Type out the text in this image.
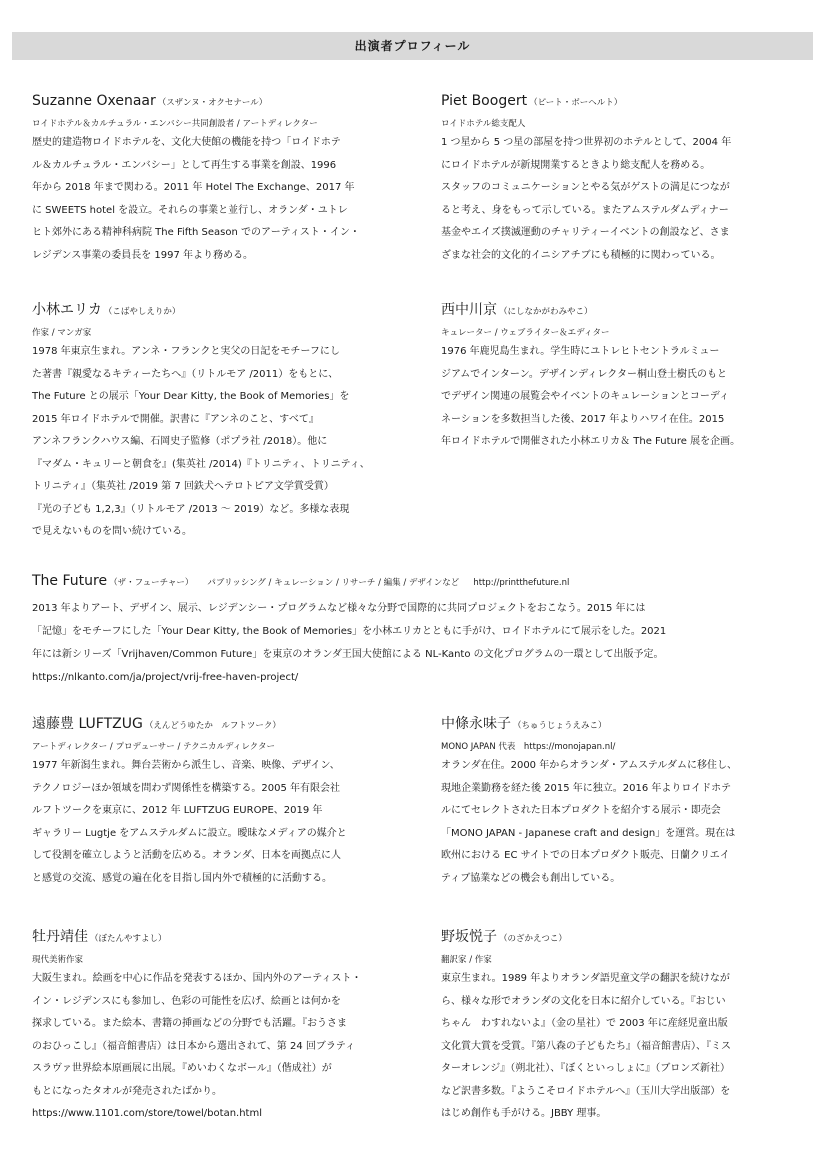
出演者プロフィール
Suzanne Oxenaar （スザンヌ・オクセナール）
ロイドホテル＆カルチュラル・エンバシー共同創設者 / アートディレクター
歴史的建造物ロイドホテルを、文化大使館の機能を持つ「ロイドホテ
ル＆カルチュラル・エンバシー」として再生する事業を創設、1996
年から 2018 年まで関わる。2011 年 Hotel The Exchange、2017 年
に SWEETS hotel を設立。それらの事業と並行し、オランダ・ユトレ
ヒト郊外にある精神科病院 The Fifth Season でのアーティスト・イン・
レジデンス事業の委員長を 1997 年より務める。
Piet Boogert （ピート・ボーヘルト）
ロイドホテル総支配人
1 つ星から 5 つ星の部屋を持つ世界初のホテルとして、2004 年
にロイドホテルが新規開業するときより総支配人を務める。
スタッフのコミュニケーションとやる気がゲストの満足につなが
ると考え、身をもって示している。またアムステルダムディナー
基金やエイズ撲滅運動のチャリティーイベントの創設など、さま
ざまな社会的文化的イニシアチブにも積極的に関わっている。
小林エリカ （こばやしえりか）
作家 / マンガ家
1978 年東京生まれ。アンネ・フランクと実父の日記をモチーフにし
た著書『親愛なるキティーたちへ』（リトルモア /2011）をもとに、
The Future との展示「Your Dear Kitty, the Book of Memories」を
2015 年ロイドホテルで開催。訳書に『アンネのこと、すべて』
アンネフランクハウス編、石岡史子監修（ポプラ社 /2018）。他に
『マダム・キュリーと朝食を』(集英社 /2014)『トリニティ、トリニティ、
トリニティ』（集英社 /2019 第 7 回鉄犬ヘテロトピア文学賞受賞）
『光の子ども 1,2,3』（リトルモア /2013 ～ 2019）など。多様な表現
で見えないものを問い続けている。
西中川京 （にしなかがわみやこ）
キュレーター / ウェブライター＆エディター
1976 年鹿児島生まれ。学生時にユトレヒトセントラルミュー
ジアムでインターン。デザインディレクター桐山登士樹氏のもと
でデザイン関連の展覧会やイベントのキュレーションとコーディ
ネーションを多数担当した後、2017 年よりハワイ在住。2015
年ロイドホテルで開催された小林エリカ＆ The Future 展を企画。
The Future （ザ・フューチャー） パブリッシング / キュレーション / リサーチ / 編集 / デザインなど http://printthefuture.nl
2013 年よりアート、デザイン、展示、レジデンシー・プログラムなど様々な分野で国際的に共同プロジェクトをおこなう。2015 年には
「記憶」をモチーフにした「Your Dear Kitty, the Book of Memories」を小林エリカとともに手がけ、ロイドホテルにて展示をした。2021
年には新シリーズ「Vrijhaven/Common Future」を東京のオランダ王国大使館による NL-Kanto の文化プログラムの一環として出版予定。
https://nlkanto.com/ja/project/vrij-free-haven-project/
遠藤豊 LUFTZUG （えんどうゆたか　ルフトツーク）
アートディレクター / プロデューサー / テクニカルディレクター
1977 年新潟生まれ。舞台芸術から派生し、音楽、映像、デザイン、
テクノロジーほか領域を問わず関係性を構築する。2005 年有限会社
ルフトツークを東京に、2012 年 LUFTZUG EUROPE、2019 年
ギャラリー Lugtje をアムステルダムに設立。曖昧なメディアの媒介と
して役割を確立しようと活動を広める。オランダ、日本を両拠点に人
と感覚の交流、感覚の遍在化を目指し国内外で積極的に活動する。
中條永味子 （ちゅうじょうえみこ）
MONO JAPAN 代表　https://monojapan.nl/
オランダ在住。2000 年からオランダ・アムステルダムに移住し、
現地企業勤務を経た後 2015 年に独立。2016 年よりロイドホテ
ルにてセレクトされた日本プロダクトを紹介する展示・即売会
「MONO JAPAN - Japanese craft and design」を運営。現在は
欧州における EC サイトでの日本プロダクト販売、日蘭クリエイ
ティブ協業などの機会も創出している。
牡丹靖佳 （ぼたんやすよし）
現代美術作家
大阪生まれ。絵画を中心に作品を発表するほか、国内外のアーティスト・
イン・レジデンスにも参加し、色彩の可能性を広げ、絵画とは何かを
探求している。また絵本、書籍の挿画などの分野でも活躍。『おうさま
のおひっこし』（福音館書店）は日本から選出されて、第 24 回ブラティ
スラヴァ世界絵本原画展に出展。『めいわくなボール』（偕成社）が
もとになったタオルが発売されたばかり。
https://www.1101.com/store/towel/botan.html
野坂悦子 （のざかえつこ）
翻訳家 / 作家
東京生まれ。1989 年よりオランダ語児童文学の翻訳を続けなが
ら、様々な形でオランダの文化を日本に紹介している。『おじい
ちゃん　わすれないよ』（金の星社）で 2003 年に産経児童出版
文化賞大賞を受賞。『第八森の子どもたち』（福音館書店）、『ミス
ターオレンジ』（朔北社）、『ぼくといっしょに』（ブロンズ新社）
など訳書多数。『ようこそロイドホテルへ』（玉川大学出版部）を
はじめ創作も手がける。JBBY 理事。
